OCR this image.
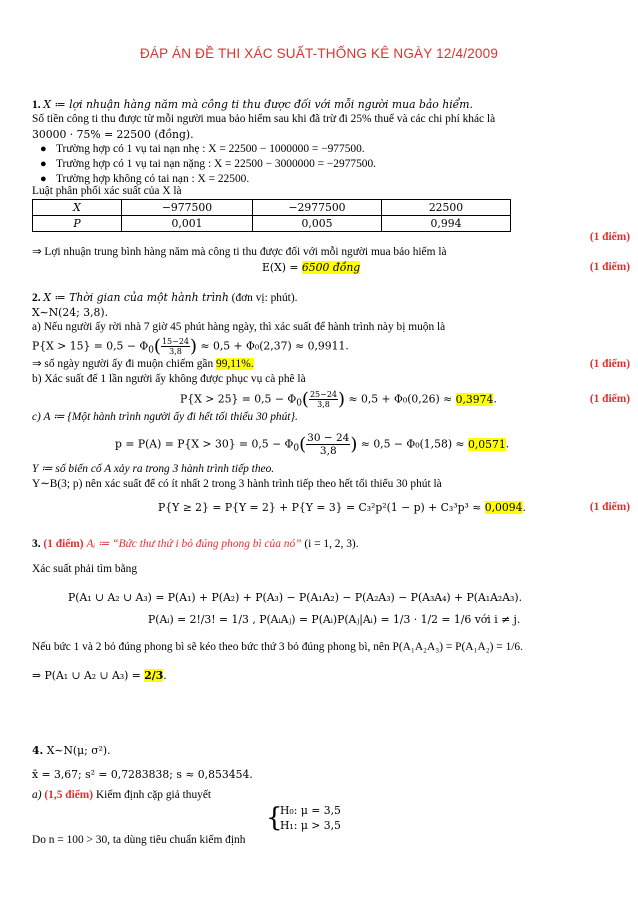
ĐÁP ÁN ĐỀ THI XÁC SUẤT-THỐNG KÊ NGÀY 12/4/2009
1. X ≔ lợi nhuận hàng năm mà công ti thu được đối với mỗi người mua bảo hiểm.
Số tiền công ti thu được từ mỗi người mua bảo hiểm sau khi đã trừ đi 25% thuế và các chi phí khác là
30000 · 75% = 22500 (đồng).
● Trường hợp có 1 vụ tai nạn nhẹ : X = 22500 − 1000000 = −977500.
● Trường hợp có 1 vụ tai nạn nặng : X = 22500 − 3000000 = −2977500.
● Trường hợp không có tai nạn : X = 22500.
Luật phân phối xác suất của X là
X	−977500	−2977500	22500
P	0,001	0,005	0,994
(1 điểm)
⇒ Lợi nhuận trung bình hàng năm mà công ti thu được đối với mỗi người mua bảo hiểm là
E(X) = 6500 đồng	(1 điểm)
2. X ≔ Thời gian của một hành trình (đơn vị: phút).
X∼N(24; 3,8).
a) Nếu người ấy rời nhà 7 giờ 45 phút hàng ngày, thì xác suất để hành trình này bị muộn là
$P\{X > 15\} = 0,5 - \Phi_0( \frac{15-24}{3,8}$ ) ≈ 0,5 + Φ₀(2,37) ≈ 0,9911.
⇒ số ngày người ấy đi muộn chiếm gần 99,11%.	(1 điểm)
b) Xác suất để 1 lần người ấy không được phục vụ cà phê là
$P\{X > 25\} = 0,5 - \Phi_0( \frac{25-24}{3,8}$ ) ≈ 0,5 + Φ₀(0,26) ≈ 0,3974.	(1 điểm)
c) A ≔ {Một hành trình người ấy đi hết tối thiểu 30 phút}.
$p = P(A) = P\{X > 30\} = 0,5 - \Phi_0( \frac{30 - 24}{3,8}$ ) ≈ 0,5 − Φ₀(1,58) ≈ 0,0571.
Y ≔ số biến cố A xảy ra trong 3 hành trình tiếp theo.
Y∼B(3; p) nên xác suất để có ít nhất 2 trong 3 hành trình tiếp theo hết tối thiểu 30 phút là
P{Y ≥ 2} = P{Y = 2} + P{Y = 3} = C₃²p²(1 − p) + C₃³p³ ≈ 0,0094.	(1 điểm)
3. (1 điểm) Aᵢ ≔ “Bức thư thứ i bỏ đúng phong bì của nó” (i = 1, 2, 3).
Xác suất phải tìm bằng
P(A₁ ∪ A₂ ∪ A₃) = P(A₁) + P(A₂) + P(A₃) − P(A₁A₂) − P(A₂A₃) − P(A₃A₄) + P(A₁A₂A₃).
P(Aᵢ) = 2!/3! = 1/3 , P(AᵢAⱼ) = P(Aᵢ)P(Aⱼ|Aᵢ) = 1/3 · 1/2 = 1/6 với i ≠ j.
Nếu bức 1 và 2 bỏ đúng phong bì sẽ kéo theo bức thứ 3 bỏ đúng phong bì, nên P(A₁A₂A₃) = P(A₁A₂) = 1/6.
⇒ P(A₁ ∪ A₂ ∪ A₃) = 2/3.
4. X∼N(μ; σ²).
x̄ = 3,67; s² = 0,7283838; s ≈ 0,853454.
a) (1,5 điểm) Kiểm định cặp giả thuyết
{
H₀: μ = 3,5
H₁: μ > 3,5
Do n = 100 > 30, ta dùng tiêu chuẩn kiểm định
